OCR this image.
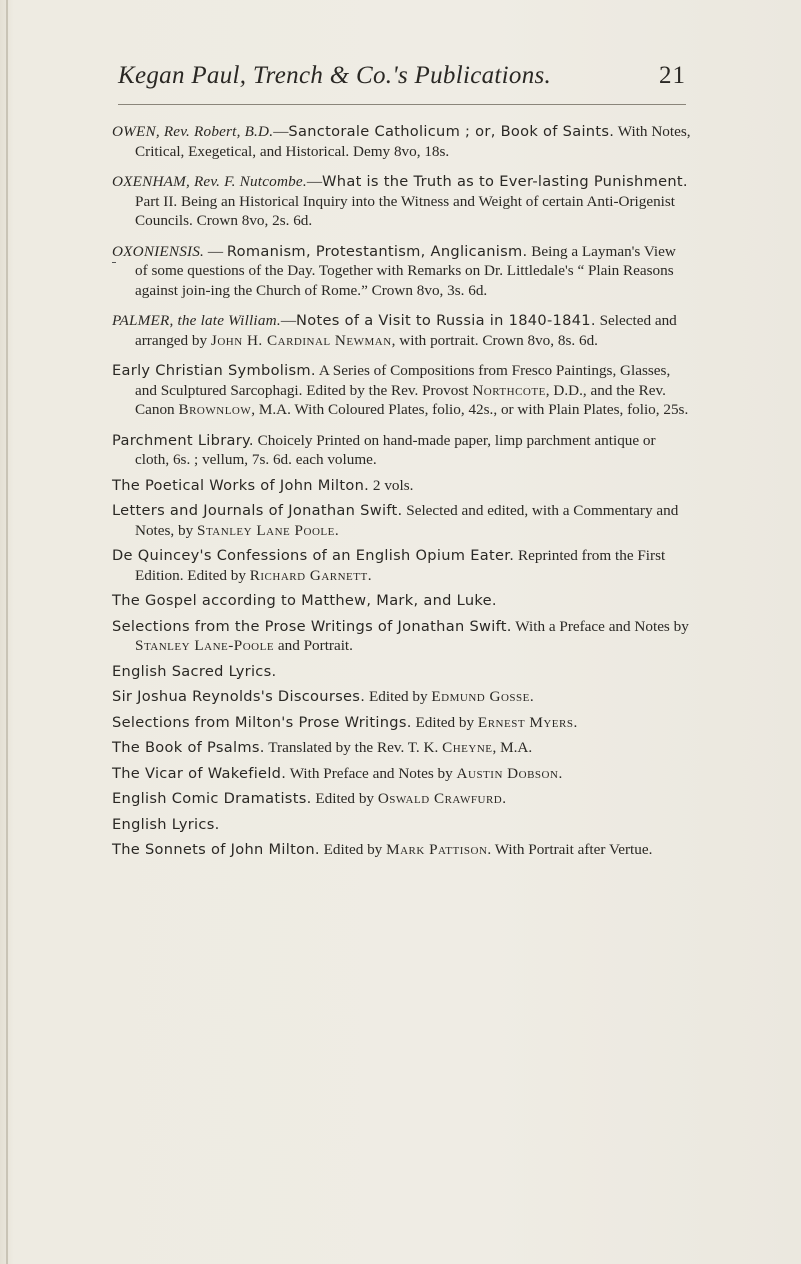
Kegan Paul, Trench & Co.'s Publications.	21

OWEN, Rev. Robert, B.D.—Sanctorale Catholicum ; or, Book of Saints. With Notes, Critical, Exegetical, and Historical. Demy 8vo, 18s.

OXENHAM, Rev. F. Nutcombe.—What is the Truth as to Ever-lasting Punishment. Part II. Being an Historical Inquiry into the Witness and Weight of certain Anti-Origenist Councils. Crown 8vo, 2s. 6d.

OXONIENSIS. — Romanism, Protestantism, Anglicanism. Being a Layman's View of some questions of the Day. Together with Remarks on Dr. Littledale's “ Plain Reasons against join-ing the Church of Rome.” Crown 8vo, 3s. 6d.

PALMER, the late William.—Notes of a Visit to Russia in 1840-1841. Selected and arranged by John H. Cardinal Newman, with portrait. Crown 8vo, 8s. 6d.

Early Christian Symbolism. A Series of Compositions from Fresco Paintings, Glasses, and Sculptured Sarcophagi. Edited by the Rev. Provost Northcote, D.D., and the Rev. Canon Brownlow, M.A. With Coloured Plates, folio, 42s., or with Plain Plates, folio, 25s.

Parchment Library. Choicely Printed on hand-made paper, limp parchment antique or cloth, 6s. ; vellum, 7s. 6d. each volume.

The Poetical Works of John Milton. 2 vols.

Letters and Journals of Jonathan Swift. Selected and edited, with a Commentary and Notes, by Stanley Lane Poole.

De Quincey's Confessions of an English Opium Eater. Reprinted from the First Edition. Edited by Richard Garnett.

The Gospel according to Matthew, Mark, and Luke.

Selections from the Prose Writings of Jonathan Swift. With a Preface and Notes by Stanley Lane-Poole and Portrait.

English Sacred Lyrics.

Sir Joshua Reynolds's Discourses. Edited by Edmund Gosse.

Selections from Milton's Prose Writings. Edited by Ernest Myers.

The Book of Psalms. Translated by the Rev. T. K. Cheyne, M.A.

The Vicar of Wakefield. With Preface and Notes by Austin Dobson.

English Comic Dramatists. Edited by Oswald Crawfurd.

English Lyrics.

The Sonnets of John Milton. Edited by Mark Pattison. With Portrait after Vertue.
